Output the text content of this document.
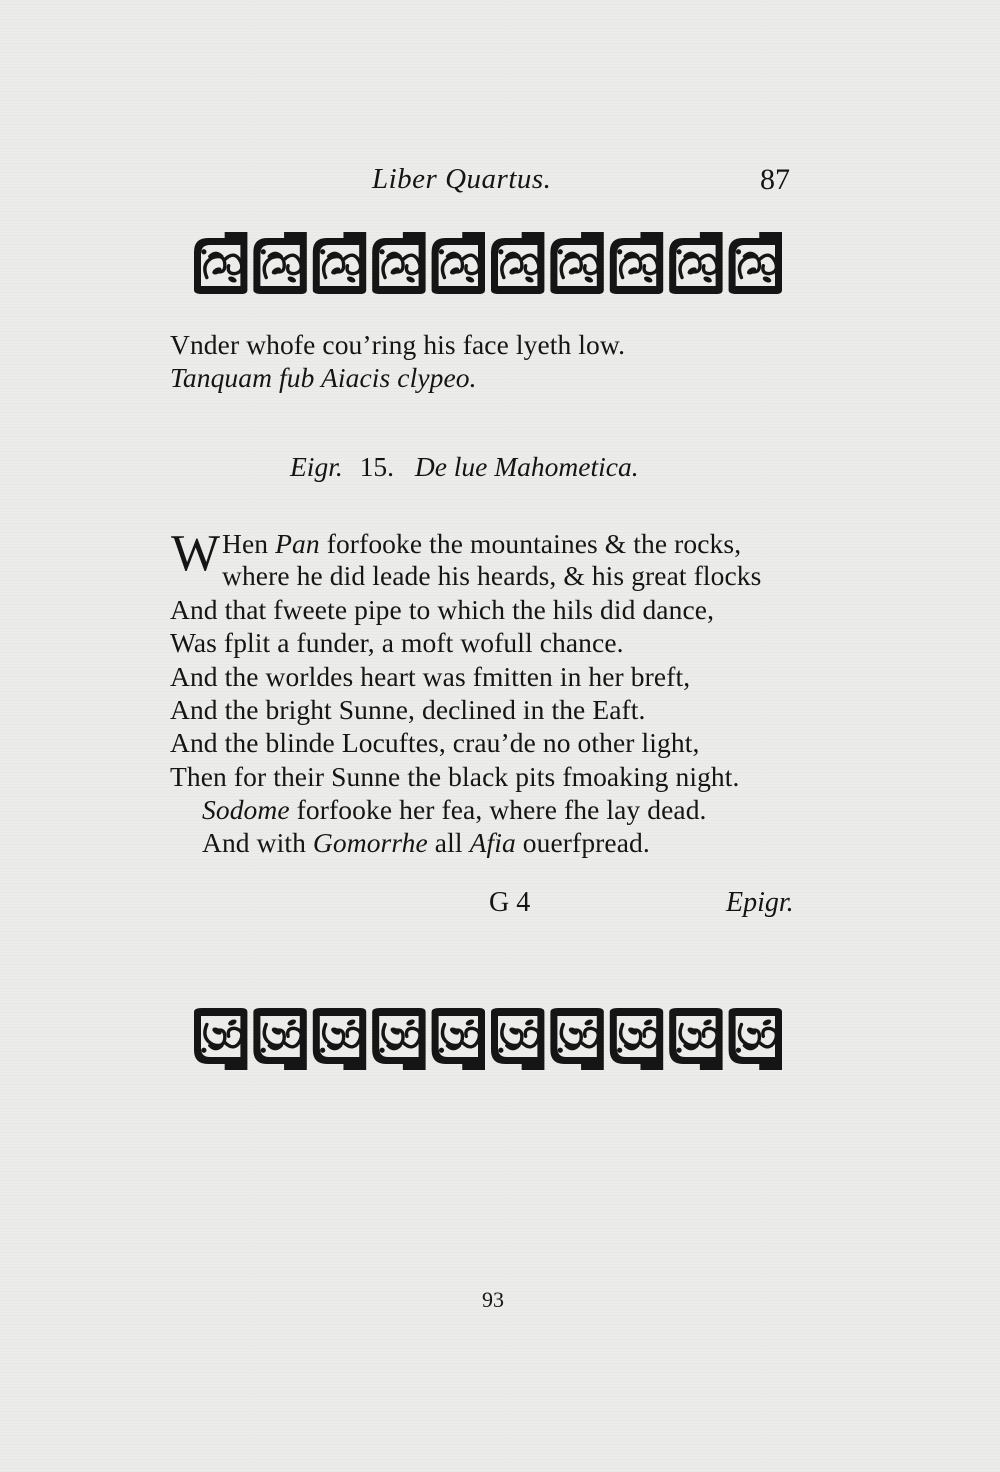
Liber Quartus.	87
Vnder whofe cou’ring his face lyeth low.
Tanquam fub Aiacis clypeo.
Eigr. 15. De lue Mahometica.
W Hen Pan forfooke the mountaines & the rocks,
where he did leade his heards, & his great flocks
And that fweete pipe to which the hils did dance,
Was fplit a funder, a moft wofull chance.
And the worldes heart was fmitten in her breft,
And the bright Sunne, declined in the Eaft.
And the blinde Locuftes, crau’de no other light,
Then for their Sunne the black pits fmoaking night.
Sodome forfooke her fea, where fhe lay dead.
And with Gomorrhe all Afia ouerfpread.
G 4	Epigr.
93
